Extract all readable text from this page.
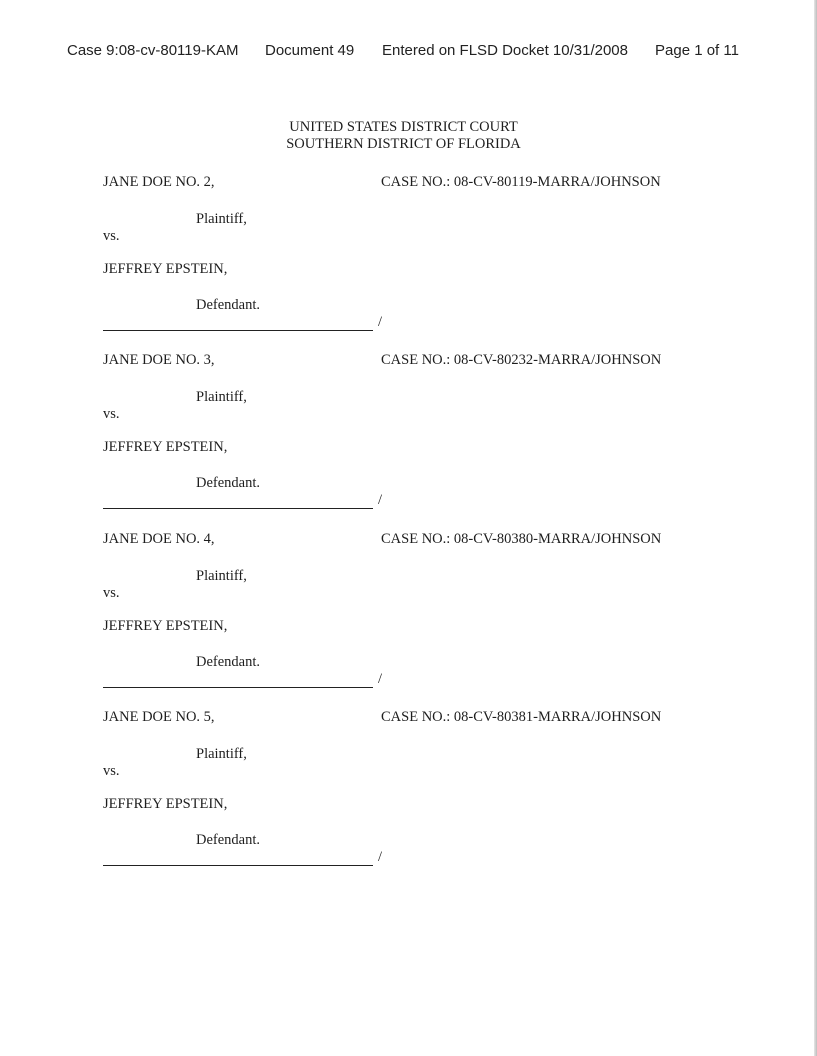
Case 9:08-cv-80119-KAM Document 49 Entered on FLSD Docket 10/31/2008 Page 1 of 11
UNITED STATES DISTRICT COURT
SOUTHERN DISTRICT OF FLORIDA
JANE DOE NO. 2,	CASE NO.: 08-CV-80119-MARRA/JOHNSON
Plaintiff,
vs.
JEFFREY EPSTEIN,
Defendant.
/
JANE DOE NO. 3,	CASE NO.: 08-CV-80232-MARRA/JOHNSON
Plaintiff,
vs.
JEFFREY EPSTEIN,
Defendant.
/
JANE DOE NO. 4,	CASE NO.: 08-CV-80380-MARRA/JOHNSON
Plaintiff,
vs.
JEFFREY EPSTEIN,
Defendant.
/
JANE DOE NO. 5,	CASE NO.: 08-CV-80381-MARRA/JOHNSON
Plaintiff,
vs.
JEFFREY EPSTEIN,
Defendant.
/
